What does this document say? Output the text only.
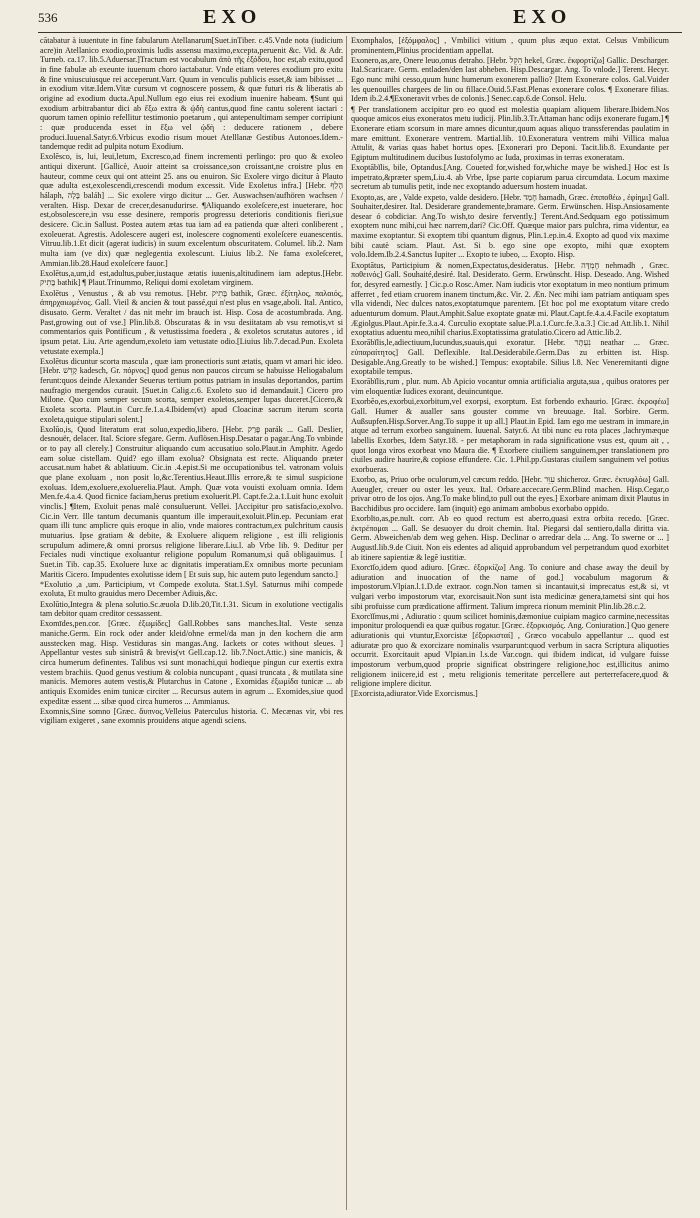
536	EXO	EXO

cātabatur à iuuentute in fine fabularum Atellanarum[Suet.inTiber. c.45.Vnde nota (iudicium acre)in Atellanico exodio,proximis ludis assensu maximo,excepta,peruenit &c. Vid. & Adr. Turneb. ca.17. lib.5.Aduersar.]Tractum est vocabulum ἀπὸ τῆς ἐξόδου, hoc est,ab exitu,quod in fine fabulæ ab exeunte iuuenum choro iactabatur. Vnde etiam veteres exodium pro exitu & fine vniuscuiusque rei acceperunt.Varr. Quum in venculis publicis esset,& iam bibisset ... in exodium vitæ.Idem.Vitæ cursum vt cognoscere possem, & quæ futuri ris & liberatis ab origine ad exodium ducta.Apul.Nullum ego eius rei exodium inuenire habeam. ¶Sunt qui exodium arbitrabantur dici ab ἔξω extra & ᾠδὴ cantus,quod fine cantu solerent iactari : quorum tamen opinio refellitur testimonio poetarum , qui antepenultimam semper corripiunt : quæ producenda esset in ἔξω vel ᾠδὴ : deducere rationem , debere produci.Iuuenal.Satyr.6.Vrbicus exodio risum mouet Atelllanæ Gestibus Autonoes.Idem.-tandemque redit ad pulpita notum Exodium.

Exolēsco, is, lui, leui,letum, Excresco,ad finem incrementi perlingo: pro quo & exoleo antiqui dixerunt. [Gallicè, Auoir atteint sa croissance,son croissant,ne croistre plus en hauteur, comme ceux qui ont atteint 25. ans ou enuiron. Sic Exolere virgo dicitur à Plauto quæ adulta est,exolescendi,crescendi modum excessit. Vide Exoletus infra.] [Hebr. הָלַף hálaph, בָּלָה baláh] ... Sic exolere virgo dicitur ... Ger. Auswachsen/aufhören wachsen / veralten. Hisp. Dexar de crecer,desanudurirse. ¶Aliquando exoleſcere,est inueterare, hoc est,obsolescere,in vsu esse desinere, remporis progressu deterioris conditionis fieri,sue desicere. Cic.in Sallust. Postea autem ætas tua iam ad ea patienda quæ alteri conliberent , exoleuerat. Agrestis. Adolescere augeri est, inolescere cognomenti exoleſcere euanescentis. Vitruu.lib.1.Et dicit (agerat iudicis) in suum excelentum obscuritatem. Columel. lib.2. Nam multa iam (ve dix) quæ neglegentia exolescunt. Liuius lib.2. Ne fama exoleſceret, Ammian.lib.28.Haud exoleſcere fauor.]

Exolētus,a,um,id est,adultus,puber,iustaque ætatis iuuenis,altitudinem iam adeptus.[Hebr. בָּתִיק bathik] ¶ Plaut.Trinummo, Reliqui domi exoletam virginem.

Exolētus , Venustus , & ab vsu remotus. [Hebr. בָּתִיק bathik, Græc. ἐξίτηλος, παλαιός, ἀπηρχαιωμένος. Gall. Vieil & ancien & tout passé,qui n'est plus en vsage,aboli. Ital. Antico, disusato. Germ. Veraltet / das nit mehr im brauch ist. Hisp. Cosa de acostumbrada. Ang. Past,growing out of vse.] Plin.lib.8. Obscuratas & in vsu desiitatam ab vsu remotis,vt si commentarios quis Pontificum , & vetustissima foedera , & exoletos scrutatus autores , id ipsum petat. Liu. Arte agendum,exoleto iam vetustate odio.[Liuius lib.7.decad.Pun. Exoleta vetustate exempla.]

Exolētus dicuntur scorta mascula , quæ iam pronectioris sunt ætatis, quam vt amari hic ideo. [Hebr. קָדֵשׁ kadesch, Gr. πόρνος] quod genus non paucos circum se habuisse Heliogabalum ferunt:quos deinde Alexander Seuerus tertium pottus patriam in insulas deportandos, partim naufragio mergendos curauit. [Suet.in Calig.c.6. Exoleto suo id demandauit.] Cicero pro Milone. Quo cum semper secum scorta, semper exoletos,semper lupas duceret.[Cicero,& Exoleta scorta. Plaut.in Curc.fe.1.a.4.Ibidem(vt) apud Cloacinæ sacrum iterum scorta exoleta,quique stipulari solent.]

Exolūo,is, Quod literatum erat soluo,expedio,libero. [Hebr. פָּרַק parák ... Gall. Deslier, desnouër, delacer. Ital. Sciore sfegare. Germ. Auflösen.Hisp.Desatar o pagar.Ang.To vnbinde or to pay all clerely.] Construitur aliquando cum accusatiuo solo.Plaut.in Amphitr. Agedo eam solue cistellam. Quid? ego illam exolua? Obsignata est recte. Aliquando præter accusat.num habet & ablatiuum. Cic.in .4.epist.Si me occupationibus tel. vatronam voluis que plane exoluam , non posit lo,&c.Terentius.Heaut.Illis errore,& te simul suspicione exoluas. Idem,exoluere,exoluerelia.Plaut. Amph. Quæ vota vouisti exoluam omnia. Idem Men.fe.4.a.4. Quod ficnice faciam,herus pretium exoluerit.Pl. Capt.fe.2.a.1.Luit hunc exoluit vinclis.] ¶Item, Exoluit penas malè consuluerunt. Vellei. ]Accipitur pro satisfacio,exolvo. Cic.in Verr. Ille tantum decumanis quantum ille imperauit,exoluit.Plin.ep. Pecuniam erat quam illi tunc amplicre quis eroque in alio, vnde maiores contractum,ex pulchritum causis mutuarius. Ipse gratiam & debite, & Exoluere aliquem religione , est illi religionis scrupulum adimere,& omni prorsus religione liberare.Liu.l. ab Vrbe lib. 9. Deditur per Feciales nudi vinctique exoluantur religione populum Romanum,si quâ obligauimus. [ Suet.in Tib. cap.35. Exoluere luxe ac dignitatis imperatiam.Ex omnibus morte pecuniam Maritis Cicero. Impudentes exolutisse idem [ Et suis sup, hic autem puto legendum sancto.]

*Exolutio ,a ,um. Participium, vt Compede exoluta. Stat.1.Syl. Saturnus mihi compede exoluta, Et multo grauidus mero December Adiuis,&c.

Exolūtio,Integra & plena solutio.Sc.æuola D.lib.20,Tit.1.31. Sicum in exolutione vectigalis tam debitor quam creditor cessassent.

Exomīdes,pen.cor. [Græc. ἐξωμίδες] Gall.Robbes sans manches.Ital. Veste senza maniche.Germ. Ein rock oder ander kleid/ohne ermel/da man jn den kochern die arm ausstecken mag. Hisp. Vestiduras sin mangas.Ang. Iackets or cotes without sleues. ] Appellantur vestes sub sinistrâ & brevis(vt Gell.cap.12. lib.7.Noct.Attic.) sine manicis, & circa humerum definentes. Talibus vsi sunt monachi,qui hodieque pingun cur exertis extra vestem brachiis. Quod genus vestium & colobia nuncupant , quasi truncata , & mutilata sine manicis. Memores autem vestis,& Plutarchus in Catone , Exomidas ἐξωμίδα tunicæ ... ab antiquis Exomides enim tunicæ circiter ... Recursus autem in agrum ... Exomides,siue quod expeditæ essent ... sibæ quod circa humeros ... Ammianus.

Exomnis,Sine somno [Græc. ἄυπνος.Velleius Paterculus historia. C. Mecænas vir, vbi res vigiliam exigeret , sane exomnis prouidens atque agendi sciens.

Exomphalos, [ἐξόμφαλος] , Vmbilici vitium , quum plus æquo extat. Celsus Vmbilicum prominentem,Plinius procidentiam appellat.

Exonero,as,are, Onere leuo,onus detraho. [Hebr. הֵקֵל hekel, Græc. ἐκφορτίζω] Gallic. Descharger. Ital.Scaricare. Germ. entladen/den last abheben. Hisp.Descargar. Ang. To vnlode.] Terent. Hecyr. Ego nunc mihi cesso,quum hunc humerum exonerem pallio? [Item Exonerare colos. Gal.Vuider les quenouilles chargees de lin ou fillace.Ouid.5.Fast.Plenas exonerare colos. ¶ Exonerare filias. Idem ib.2.4.¶Exoneravit vrbes de colonis.] Senec.cap.6.de Consol. Helu.

¶ Per translationem accipitur pro eo quod est molestia quapiam aliquem liberare.Ibidem.Nos quoque amicos eius exoneratos metu iudicij. Plin.lib.3.Tr.Attaman hanc odijs exonerare fugam.] ¶ Exonerare etiam scorsum in mare amnes dicuntur,quum aquas aliquo transsferendas paulatim in mare emittunt. Exonerare ventrem. Martial.lib. 10.Exoneratura ventrem mihi Villica malua Attulit, & varias quas habet hortus opes. [Exonerari pro Deponi. Tacit.lib.8. Exundante per Egiptum multitudinem ducibus Iustofolymo ac Iuda, proximas in terras exoneratam.

Exoptābĭlis, bile, Optandus.[Ang. Coueted for,wished for,whiche maye be wished.] Hoc est Is impetrato,&præter spem,Liu.4. ab Vrbe, Ipse parte copiarum parua circumdata. Locum maxime secretum ab tumulis petit, inde nec exoptando aduersum hostem inuadat.

Exopto,as, are , Valde expeto, valde desidero. [Hebr. חָמַד hamadh, Græc. ἐπιποθέω , ἐφίημι] Gall. Souhaiter,desirer. Ital. Desiderare grandemente,bramare. Germ. Erwünschen. Hisp.Ansiosamente desear ó cobdiciar. Ang.To wish,to desire fervently.] Terent.And.Sedquam ego potissimum exoptem nunc mihi,cui hæc narrem,dari? Cic.Off. Quæque maior pars pulchra, rima videntur, ea maxime exoptantur. Si exoptem tibi quantum dignus, Plin.1.ep.in.4. Exopto ad quod vix maxime bibi cautè sciam. Plaut. Ast. Si b. ego sine ope exopto, mihi quæ exoptem volo.Idem.Ib.2.4.Sanctus Iupiter ... Exopto te iubeo, ... Exopto. Hisp.

Exoptātus, Participium & nomen,Expectatus,desideratus. [Hebr. חֶמְדָּה nehmadh , Græc. ποθεινός] Gall. Souhaité,desiré. Ital. Desiderato. Germ. Erwünscht. Hisp. Deseado. Ang. Wished for, desyred earnestly. ] Cic.p.o Rosc.Amer. Nam iudicis vtor exoptatum in meo nontium primum afferret , fed etiam cruorem inanem tinctum,&c. Vir. 2. Æn. Nec mihi iam patriam antiquam spes vlla videndi, Nec dulces natos,exoptatumque parentem. [Et hoc pol me exoptatum vitare credo aduenturum domum. Plaut.Amphit.Salue exoptate gnatæ mi. Plaut.Capt.fe.4.a.4.Facile exoptatum Ægiolgus.Plaut.Apir.fe.3.a.4. Curculio exoptate salue.Pl.a.1.Curc.fe.3.a.3.] Cic.ad Att.lib.1. Nihil exoptatius aduentu meo,nihil charius.Exoptatissima gratulatio.Cicero ad Attic.lib.2.

Exorābĭlis,le,adiectiuum,Iucundus,suauis,qui exoratur. [Hebr. נִעְתָּר neathar ... Græc. εὐπαραίτητος] Gall. Deflexible. Ital.Desiderabile.Germ.Das zu erbitten ist. Hisp. Desigable.Ang.Greatly to be wished.] Tempus: exoptabile. Silius l.8. Nec Veneremitanti digne exoptabile tempus.

Exorābĭlis,rum , plur. num. Ab Apicio vocantur omnia artificialia arguta,sua , quibus oratores per vim eloquentiæ Iudices exorant, deuincuntque.

Exorbĕo,es,exorbui,exorbitum,vel exorpsi, exorptum. Est forbendo exhaurio. [Græc. ἐκροφέω] Gall. Humer & aualler sans gouster comme vn breuuage. Ital. Sorbire. Germ. Außsupfen.Hisp.Sorver.Ang.To suppe it up all.] Plaut.in Epid. Iam ego me uestram in immare,in atque ad terrum exorbeo sanguinem. Iuuenal. Satyr.6. At tibi nunc eu rota places ,lachrymæque labellis Exorbes, Idem Satyr.18. - per metaphoram in rada significatione vsus est, quum ait , , quot longa viros exorbeat vno Maura die. ¶ Exorbere ciuiliem sanguinem,per translationem pro ciuiles audire haurire,& copiose effundere. Cic. 1.Phil.pp.Gustaras ciuilem sanguinem vel potius exorbueras.

Exorbo, as, Priuo orbe oculorum,vel cæcum reddo. [Hebr. עִוֵּר shicheroz. Græc. ἐκτυφλόω] Gall. Aueugler, creuer ou oster les yeux. Ital. Orbare.accecare.Germ.Blind machen. Hisp.Cegar,o privar otro de los ojos. Ang.To make blind,to pull out the eyes.] Exorbare animam dixit Plautus in Bacchidibus pro occidere. Iam (inquit) ego animam ambobus exorbabo oppido.

Exorbĭto,as,pe.nult. corr. Ab eo quod rectum est aberro,quasi extra orbita recedo. [Græc. ἐκτρέπομαι ... Gall. Se desuoyer du droit chemin. Ital. Piegarsi dal sentiero,dalla diritta via. Germ. Abweichen/ab dem weg gehen. Hisp. Declinar o arredrar dela ... Ang. To swerne or ... ] Augustl.lib.9.de Ciuit. Non eis edentes ad aliquid approbandum vel perpetrandum quod exorbitet ab itinere sapientiæ & legē iustitiæ.

Exorcīſo,idem quod adiuro. [Græc. ἐξορκίζω] Ang. To coniure and chase away the deuil by adiuration and inuocation of the name of god.] vocabulum magorum & impostorum.Vlpian.l.1.D.de extraor. cogn.Non tamen si incantauit,si imprecatus est,& si, vt vulgari verbo impostorum vtar, exorcisauit.Non sunt ista medicinæ genera,tametsi sint qui hos sibi profuisse cum prædicatione affirment. Talium impreca rionum meminit Plin.lib.28.c.2.

Exorcĭſmus,mi , Adiuratio : quum scilicet hominis,dæmoniue cuipiam magico carmine,necessitas imponitur proloquendi ea quæ quibus rogatur. [Græc. ἐξορκισμός. Ang. Coniuration.] Quo genere adiurationis qui vtuntur,Exorcistæ [ἐξορκισταί] , Græco vocabulo appellantur ... quod est adiuratæ pro quo & exorcizare nominalis vsurparunt:quod verbum in sacra Scriptura aliquoties occurrit. Exorcitauit apud Vlpian.in l.s.de Var.cogn. qui ibidem indicat, id vulgare fuisse impostorum verbum,quod proprie significat obstringere religione,hoc est,illicitus animo religionem iniicere,id est , metu religionis temeritate percellere aut perterrefacere,quod & religione implere dicitur.

[Exorcista,adiurator.Vide Exorcismus.]
